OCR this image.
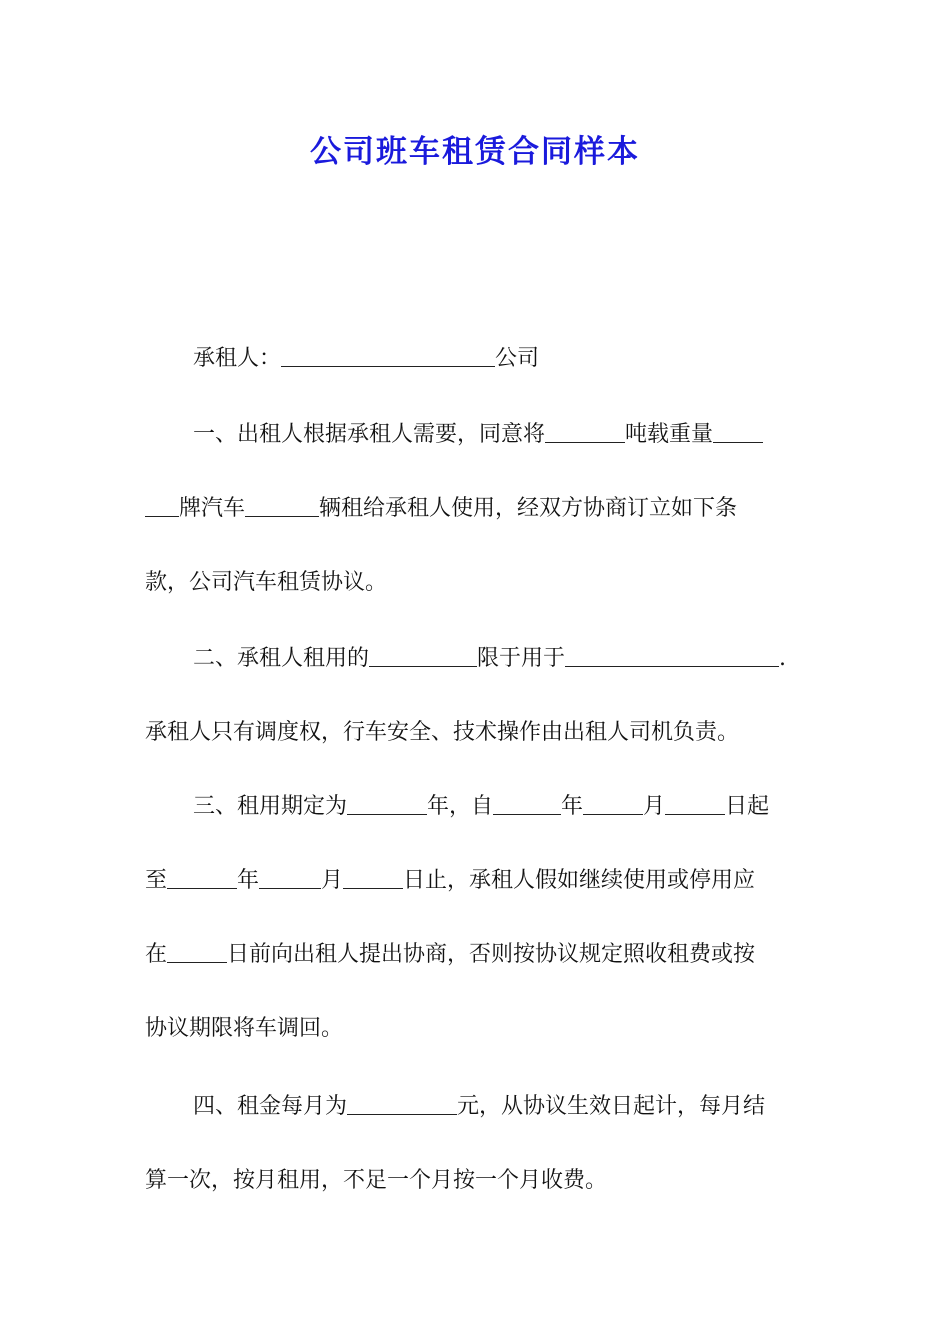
公司班车租赁合同样本
承租人：	公司
一、出租人根据承租人需要，同意将	吨载重量
牌汽车	辆租给承租人使用，经双方协商订立如下条
款，公司汽车租赁协议。
二、承租人租用的	限于用于	.
承租人只有调度权，行车安全、技术操作由出租人司机负责。
三、租用期定为	年，自	年	月	日起
至	年	月	日止，承租人假如继续使用或停用应
在	日前向出租人提出协商，否则按协议规定照收租费或按
协议期限将车调回。
四、租金每月为	元，从协议生效日起计，每月结
算一次，按月租用，不足一个月按一个月收费。
